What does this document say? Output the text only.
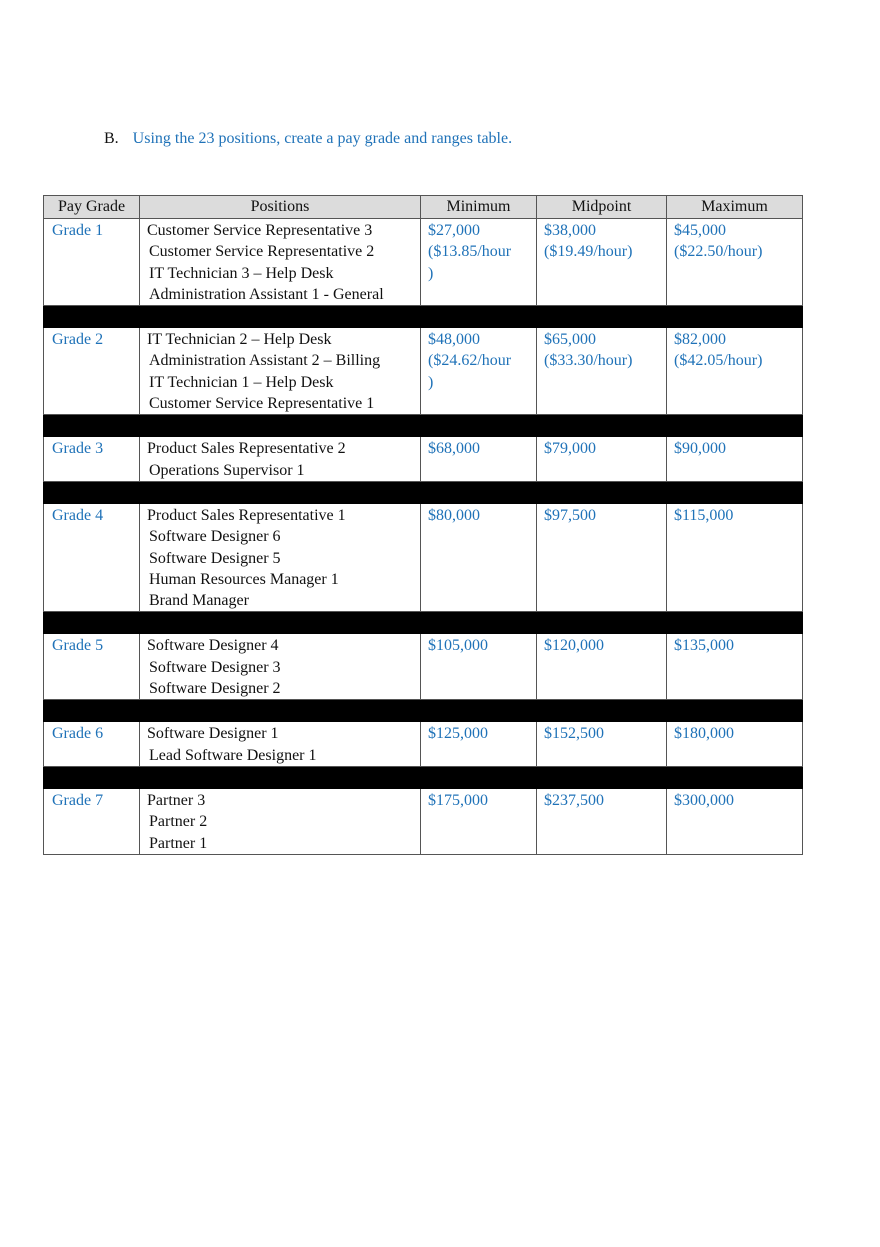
B. Using the 23 positions, create a pay grade and ranges table.
Pay Grade	Positions	Minimum	Midpoint	Maximum
Grade 1	Customer Service Representative 3
Customer Service Representative 2
IT Technician 3 – Help Desk
Administration Assistant 1 - General	$27,000
($13.85/hour
)	$38,000
($19.49/hour)	$45,000
($22.50/hour)

Grade 2	IT Technician 2 – Help Desk
Administration Assistant 2 – Billing
IT Technician 1 – Help Desk
Customer Service Representative 1	$48,000
($24.62/hour
)	$65,000
($33.30/hour)	$82,000
($42.05/hour)

Grade 3	Product Sales Representative 2
Operations Supervisor 1	$68,000	$79,000	$90,000

Grade 4	Product Sales Representative 1
Software Designer 6
Software Designer 5
Human Resources Manager 1
Brand Manager	$80,000	$97,500	$115,000

Grade 5	Software Designer 4
Software Designer 3
Software Designer 2	$105,000	$120,000	$135,000

Grade 6	Software Designer 1
Lead Software Designer 1	$125,000	$152,500	$180,000

Grade 7	Partner 3
Partner 2
Partner 1	$175,000	$237,500	$300,000
